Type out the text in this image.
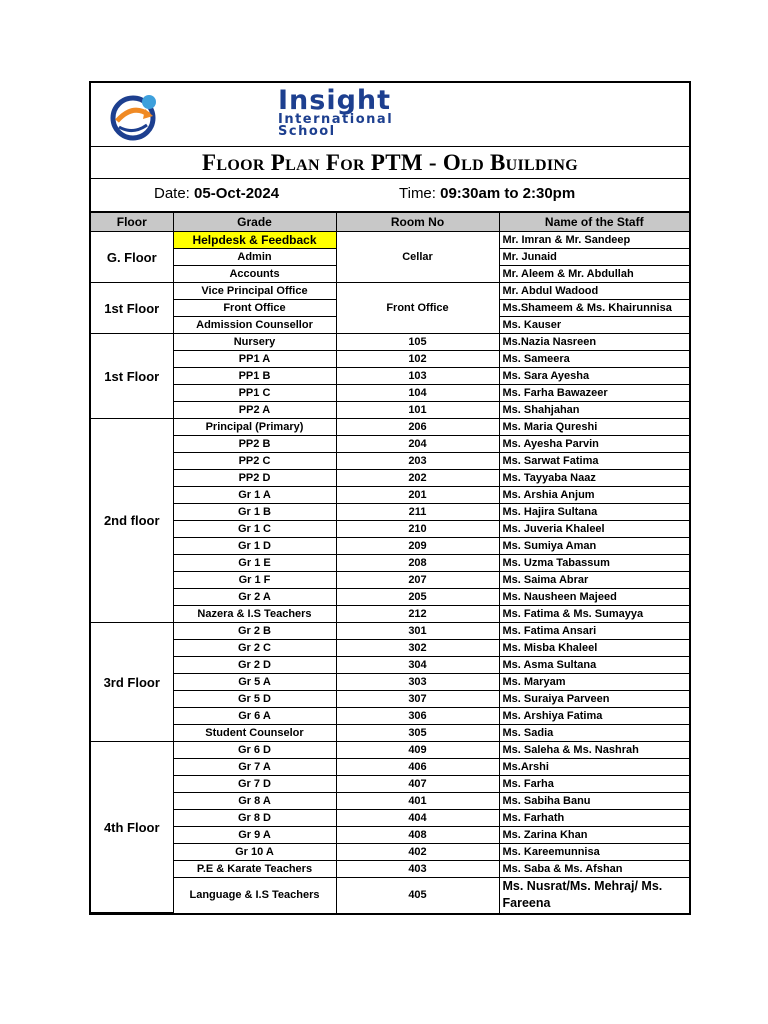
Insight
International
School
Floor Plan For PTM - Old Building
Date: 05-Oct-2024	Time: 09:30am to 2:30pm
Floor	Grade	Room No	Name of the Staff
G. Floor	Helpdesk & Feedback	Cellar	Mr. Imran & Mr. Sandeep
	Admin		Mr. Junaid
	Accounts		Mr. Aleem & Mr. Abdullah
1st Floor	Vice Principal Office	Front Office	Mr. Abdul Wadood
	Front Office		Ms.Shameem & Ms. Khairunnisa
	Admission Counsellor		Ms. Kauser
1st Floor	Nursery	105	Ms.Nazia Nasreen
	PP1 A	102	Ms. Sameera
	PP1 B	103	Ms. Sara Ayesha
	PP1 C	104	Ms. Farha Bawazeer
	PP2 A	101	Ms. Shahjahan
2nd floor	Principal (Primary)	206	Ms. Maria Qureshi
	PP2 B	204	Ms. Ayesha Parvin
	PP2 C	203	Ms. Sarwat Fatima
	PP2 D	202	Ms. Tayyaba Naaz
	Gr 1 A	201	Ms. Arshia Anjum
	Gr 1 B	211	Ms. Hajira Sultana
	Gr 1 C	210	Ms. Juveria Khaleel
	Gr 1 D	209	Ms. Sumiya Aman
	Gr 1 E	208	Ms. Uzma Tabassum
	Gr 1 F	207	Ms. Saima Abrar
	Gr 2 A	205	Ms. Nausheen Majeed
	Nazera & I.S Teachers	212	Ms. Fatima & Ms. Sumayya
3rd Floor	Gr 2 B	301	Ms. Fatima Ansari
	Gr 2 C	302	Ms. Misba Khaleel
	Gr 2 D	304	Ms. Asma Sultana
	Gr 5 A	303	Ms. Maryam
	Gr 5 D	307	Ms. Suraiya Parveen
	Gr 6 A	306	Ms. Arshiya Fatima
	Student Counselor	305	Ms. Sadia
4th Floor	Gr 6 D	409	Ms. Saleha & Ms. Nashrah
	Gr 7 A	406	Ms.Arshi
	Gr 7 D	407	Ms. Farha
	Gr 8 A	401	Ms. Sabiha Banu
	Gr 8 D	404	Ms. Farhath
	Gr 9 A	408	Ms. Zarina Khan
	Gr 10 A	402	Ms. Kareemunnisa
	P.E & Karate Teachers	403	Ms. Saba & Ms. Afshan
	Language & I.S Teachers	405	Ms. Nusrat/Ms. Mehraj/ Ms. Fareena
